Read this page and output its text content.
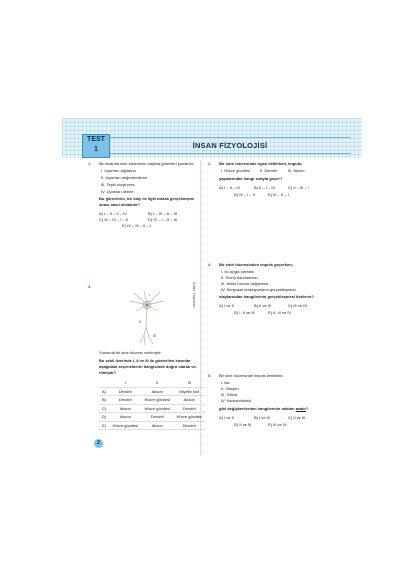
TEST
1	İNSAN FİZYOLOJİSİ
Zafer Yayınları
1. Bir insanda sinir sisteminin başlıca görevleri şunlardır;
I. Uyarıları algılama
II. Uyarıları değerlendirme
III. Tepki oluşturma
IV. Uyarıları iletme
Bu görevlerin, bir olay ile ilgili olarak gerçekleşme
sırası nasıl olmalıdır?
A) I – II – II – IV	B) I – IV – II – III
C) III – IV – I – II	D) IV – I – II – III
E) IV – III – II – I
2. Bir sinir hücresinde uyarı iletilirken, impuls;
I. Hücre gövdesi	II. Dendrit	III. Akson
yapılarından hangi sırayla geçer?
A) I – II – III	B) II – I – III	C) II – III – I
D) III – I – II	E) III – II – I
3.
I
II
III
Yukarıda bir sinir hücresi verilmiştir.
Bu şekil üzerinde I, II ve III ile gösterilen kısımlar
aşağıdaki seçeneklerin hangisinde doğru olarak ve-
rilmiştir?
	I	II	III
A)	Dendrit	Akson	Miyelin kılıf
B)	Dendrit	Hücre gövdesi	Akson
C)	Akson	Hücre gövdesi	Dendrit
D)	Akson	Dendrit	Hücre gövdesi
E)	Hücre gövdesi	Akson	Dendrit
4. Bir sinir hücresinden impuls geçerken;
I. Isı açığa çıkması
II. Enerji harcanması
III. İletim hızının değişmesi
IV. Kimyasal reaksiyonların gerçekleşmesi
olaylarından hangilerinin gerçekleşmesi beklenir?
A) I ve II	B) II ve III	C) III ve IV
D) I, II ve III	E) II, III ve IV
5. Bir sinir hücresinde impuls iletilirken;
I. Na
II. Oksijen
III. Glikoz
IV. Karbondioksit
gibi değişkenlerden hangilerinin miktarı azalır?
A) I ve II	B) I ve IV	C) II ve III
D) II ve III	E) III ve IV
2
